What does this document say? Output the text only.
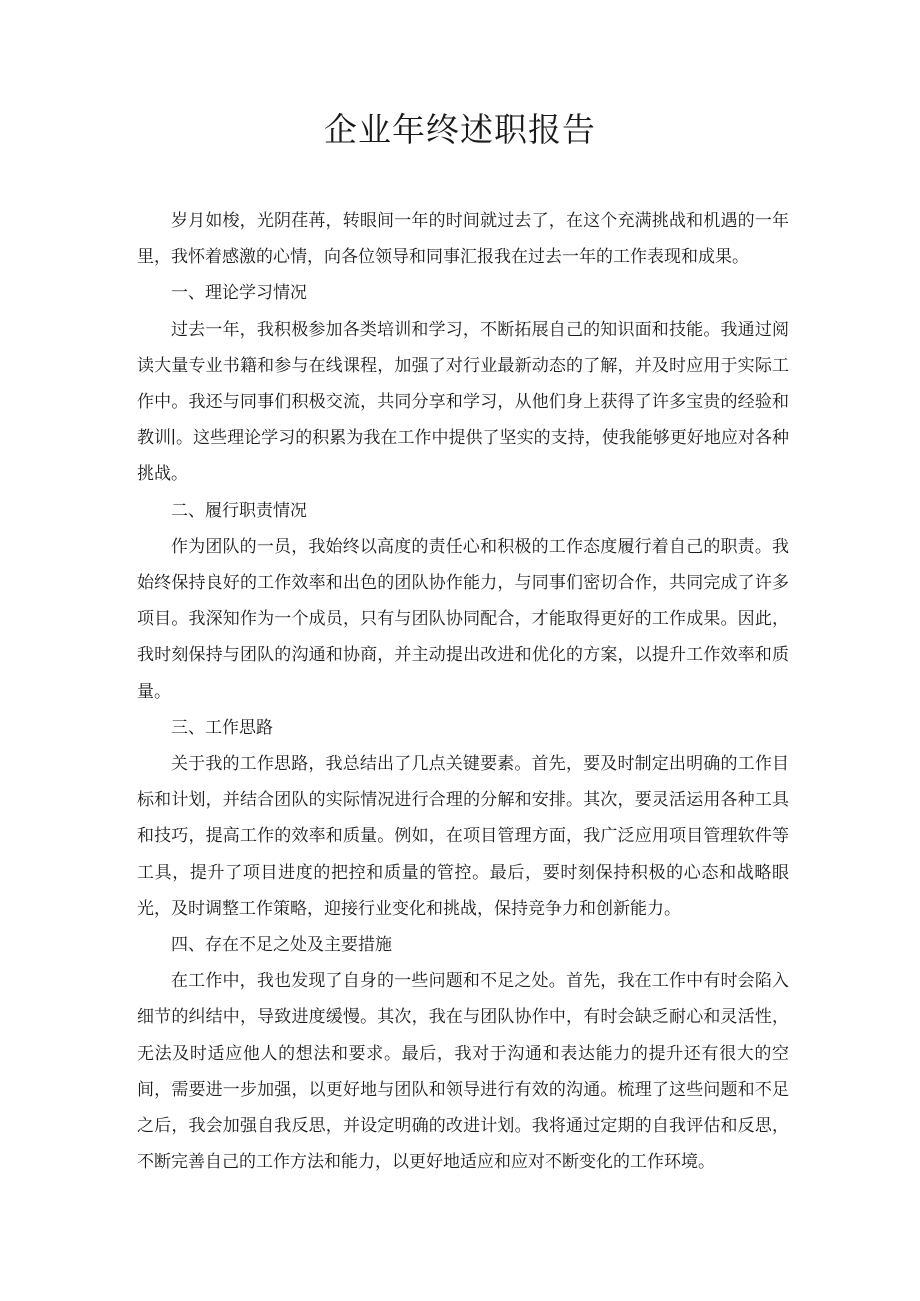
企业年终述职报告

岁月如梭，光阴荏苒，转眼间一年的时间就过去了，在这个充满挑战和机遇的一年里，我怀着感激的心情，向各位领导和同事汇报我在过去一年的工作表现和成果。

一、理论学习情况

过去一年，我积极参加各类培训和学习，不断拓展自己的知识面和技能。我通过阅读大量专业书籍和参与在线课程，加强了对行业最新动态的了解，并及时应用于实际工作中。我还与同事们积极交流，共同分享和学习，从他们身上获得了许多宝贵的经验和教训∣。这些理论学习的积累为我在工作中提供了坚实的支持，使我能够更好地应对各种挑战。

二、履行职责情况

作为团队的一员，我始终以高度的责任心和积极的工作态度履行着自己的职责。我始终保持良好的工作效率和出色的团队协作能力，与同事们密切合作，共同完成了许多项目。我深知作为一个成员，只有与团队协同配合，才能取得更好的工作成果。因此，我时刻保持与团队的沟通和协商，并主动提出改进和优化的方案，以提升工作效率和质量。

三、工作思路

关于我的工作思路，我总结出了几点关键要素。首先，要及时制定出明确的工作目标和计划，并结合团队的实际情况进行合理的分解和安排。其次，要灵活运用各种工具和技巧，提高工作的效率和质量。例如，在项目管理方面，我广泛应用项目管理软件等工具，提升了项目进度的把控和质量的管控。最后，要时刻保持积极的心态和战略眼光，及时调整工作策略，迎接行业变化和挑战，保持竞争力和创新能力。

四、存在不足之处及主要措施

在工作中，我也发现了自身的一些问题和不足之处。首先，我在工作中有时会陷入细节的纠结中，导致进度缓慢。其次，我在与团队协作中，有时会缺乏耐心和灵活性，无法及时适应他人的想法和要求。最后，我对于沟通和表达能力的提升还有很大的空间，需要进一步加强，以更好地与团队和领导进行有效的沟通。梳理了这些问题和不足之后，我会加强自我反思，并设定明确的改进计划。我将通过定期的自我评估和反思，不断完善自己的工作方法和能力，以更好地适应和应对不断变化的工作环境。
